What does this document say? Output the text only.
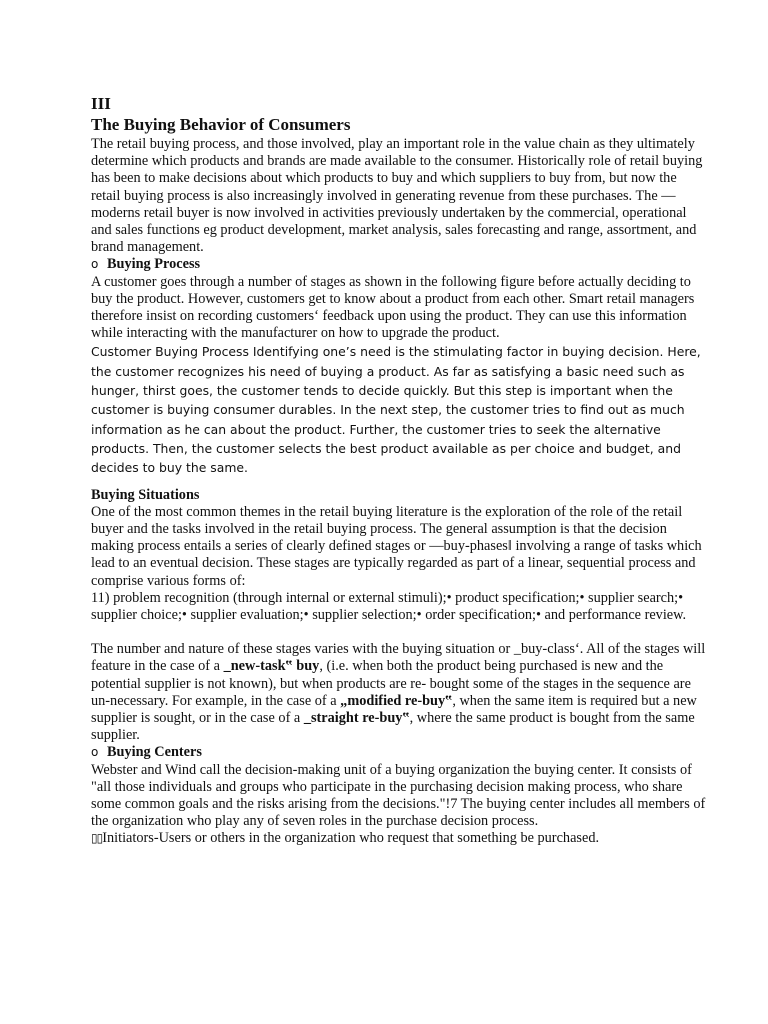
III

The Buying Behavior of Consumers

The retail buying process, and those involved, play an important role in the value chain as they ultimately determine which products and brands are made available to the consumer. Historically role of retail buying has been to make decisions about which products to buy and which suppliers to buy from, but now the retail buying process is also increasingly involved in generating revenue from these purchases. The —moderns retail buyer is now involved in activities previously undertaken by the commercial, operational and sales functions eg product development, market analysis, sales forecasting and range, assortment, and brand management.

o Buying Process

A customer goes through a number of stages as shown in the following figure before actually deciding to buy the product. However, customers get to know about a product from each other. Smart retail managers therefore insist on recording customers‘ feedback upon using the product. They can use this information while interacting with the manufacturer on how to upgrade the product.

Customer Buying Process Identifying one’s need is the stimulating factor in buying decision. Here, the customer recognizes his need of buying a product. As far as satisfying a basic need such as hunger, thirst goes, the customer tends to decide quickly. But this step is important when the customer is buying consumer durables. In the next step, the customer tries to find out as much information as he can about the product. Further, the customer tries to seek the alternative products. Then, the customer selects the best product available as per choice and budget, and decides to buy the same.

Buying Situations

One of the most common themes in the retail buying literature is the exploration of the role of the retail buyer and the tasks involved in the retail buying process. The general assumption is that the decision making process entails a series of clearly defined stages or —buy-phases‖ involving a range of tasks which lead to an eventual decision. These stages are typically regarded as part of a linear, sequential process and comprise various forms of:

11) problem recognition (through internal or external stimuli);• product specification;• supplier search;• supplier choice;• supplier evaluation;• supplier selection;• order specification;• and performance review.

The number and nature of these stages varies with the buying situation or _buy-class‘. All of the stages will feature in the case of a _new-task‟ buy, (i.e. when both the product being purchased is new and the potential supplier is not known), but when products are re- bought some of the stages in the sequence are un-necessary. For example, in the case of a „modified re-buy‟, when the same item is required but a new supplier is sought, or in the case of a _straight re-buy‟, where the same product is bought from the same supplier.

o Buying Centers

Webster and Wind call the decision-making unit of a buying organization the buying center. It consists of "all those individuals and groups who participate in the purchasing decision making process, who share some common goals and the risks arising from the decisions."!7 The buying center includes all members of the organization who play any of seven roles in the purchase decision process.

▯▯Initiators-Users or others in the organization who request that something be purchased.
